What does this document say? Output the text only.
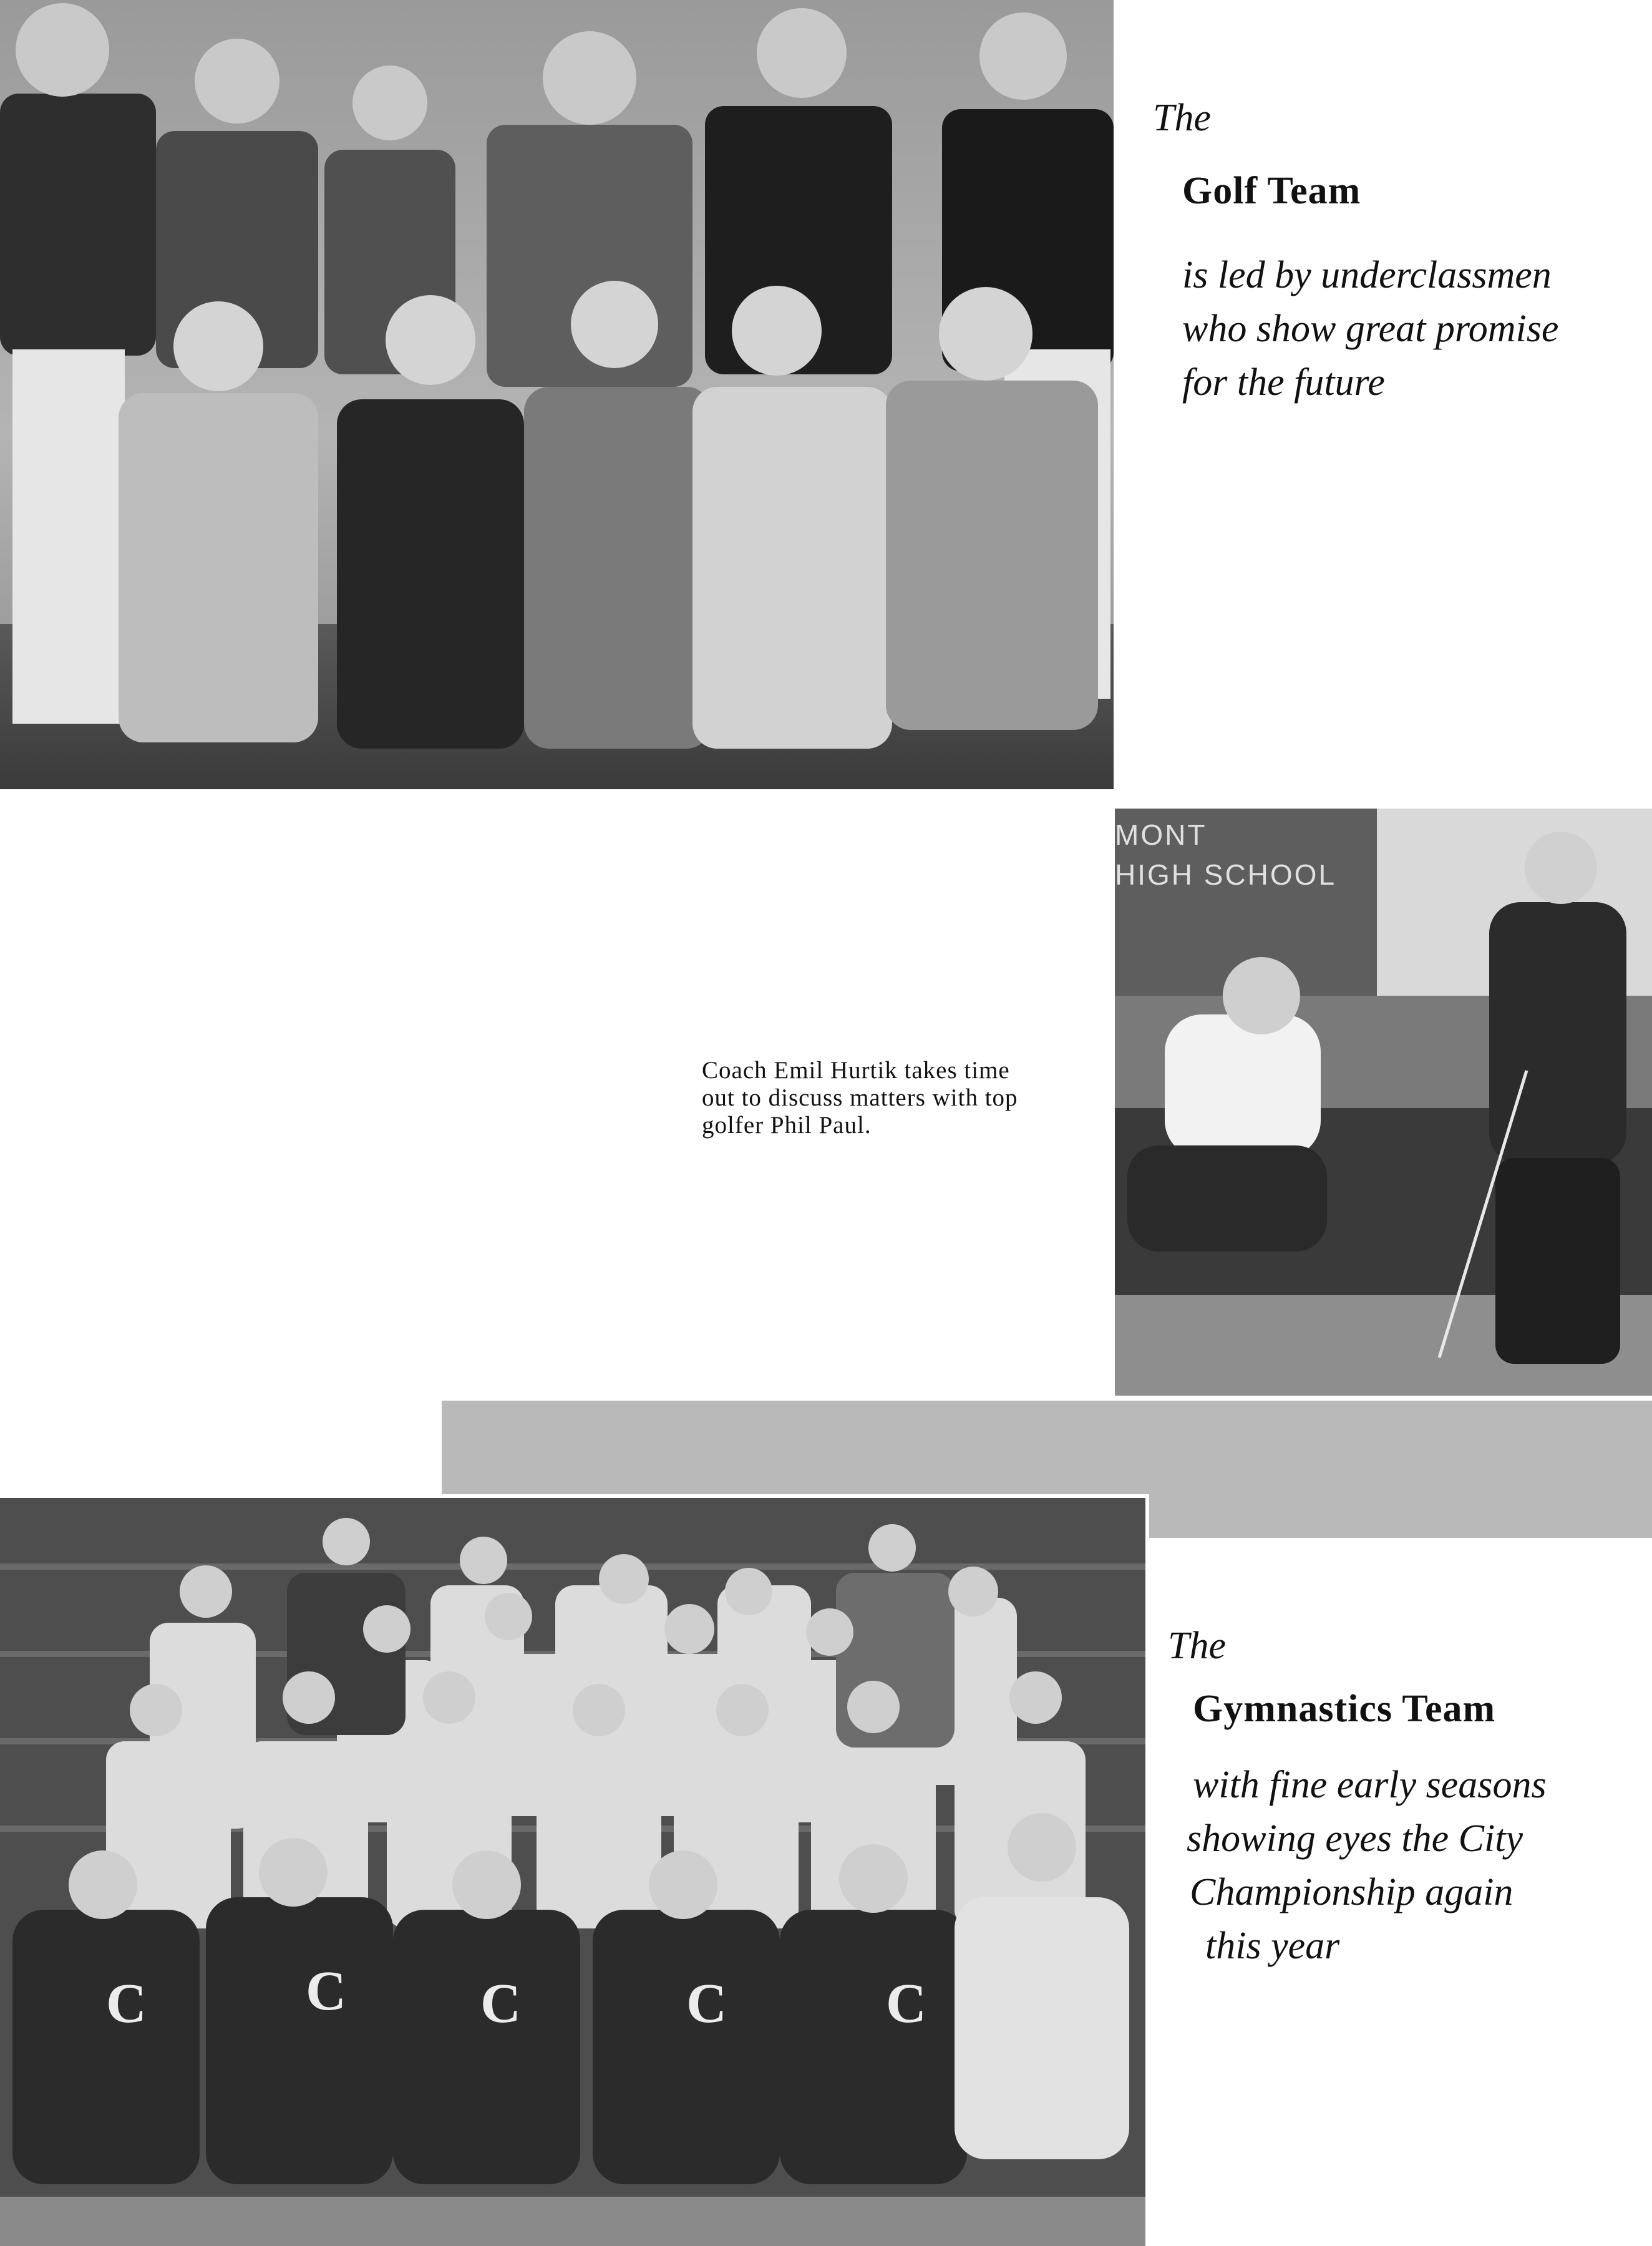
The
Golf Team
is led by underclassmen
who show great promise
for the future
Coach Emil Hurtik takes time
out to discuss matters with top
golfer Phil Paul.
MONT
HIGH SCHOOL
C	C C	C	C
The
Gymnastics Team
with fine early seasons
showing eyes the City
Championship again
this year
